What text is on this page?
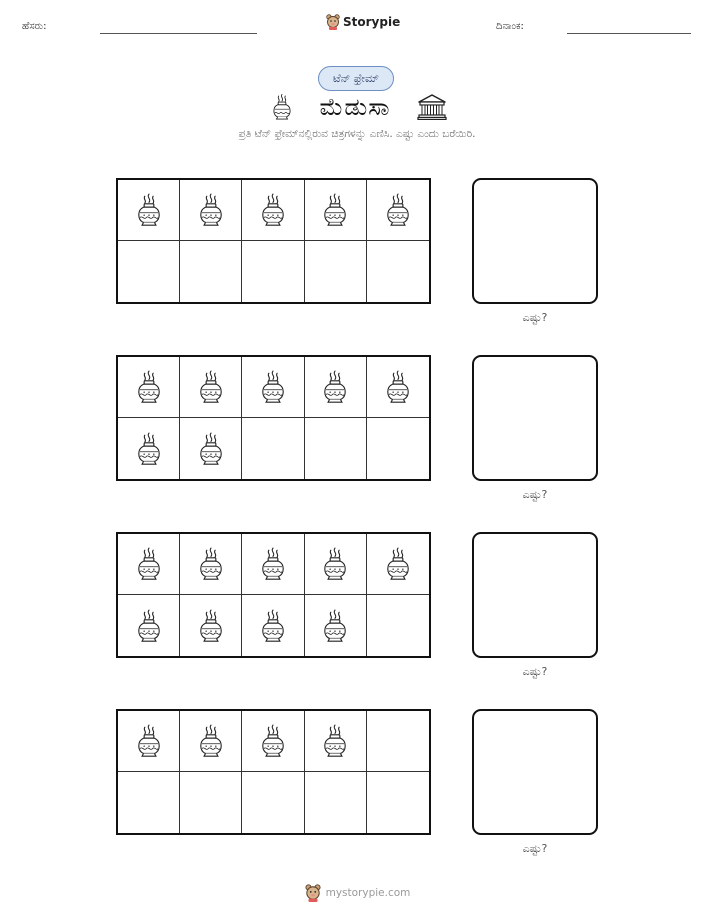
ಹೆಸರು:	Storypie	ದಿನಾಂಕ:
ಟೆನ್ ಫ್ರೇಮ್
ಮೆಡುಸಾ
ಪ್ರತಿ ಟೆನ್ ಫ್ರೇಮ್‌ನಲ್ಲಿರುವ ಚಿತ್ರಗಳನ್ನು ಎಣಿಸಿ. ಎಷ್ಟು ಎಂದು ಬರೆಯಿರಿ.
ಎಷ್ಟು?
ಎಷ್ಟು?
ಎಷ್ಟು?
ಎಷ್ಟು?
mystorypie.com
